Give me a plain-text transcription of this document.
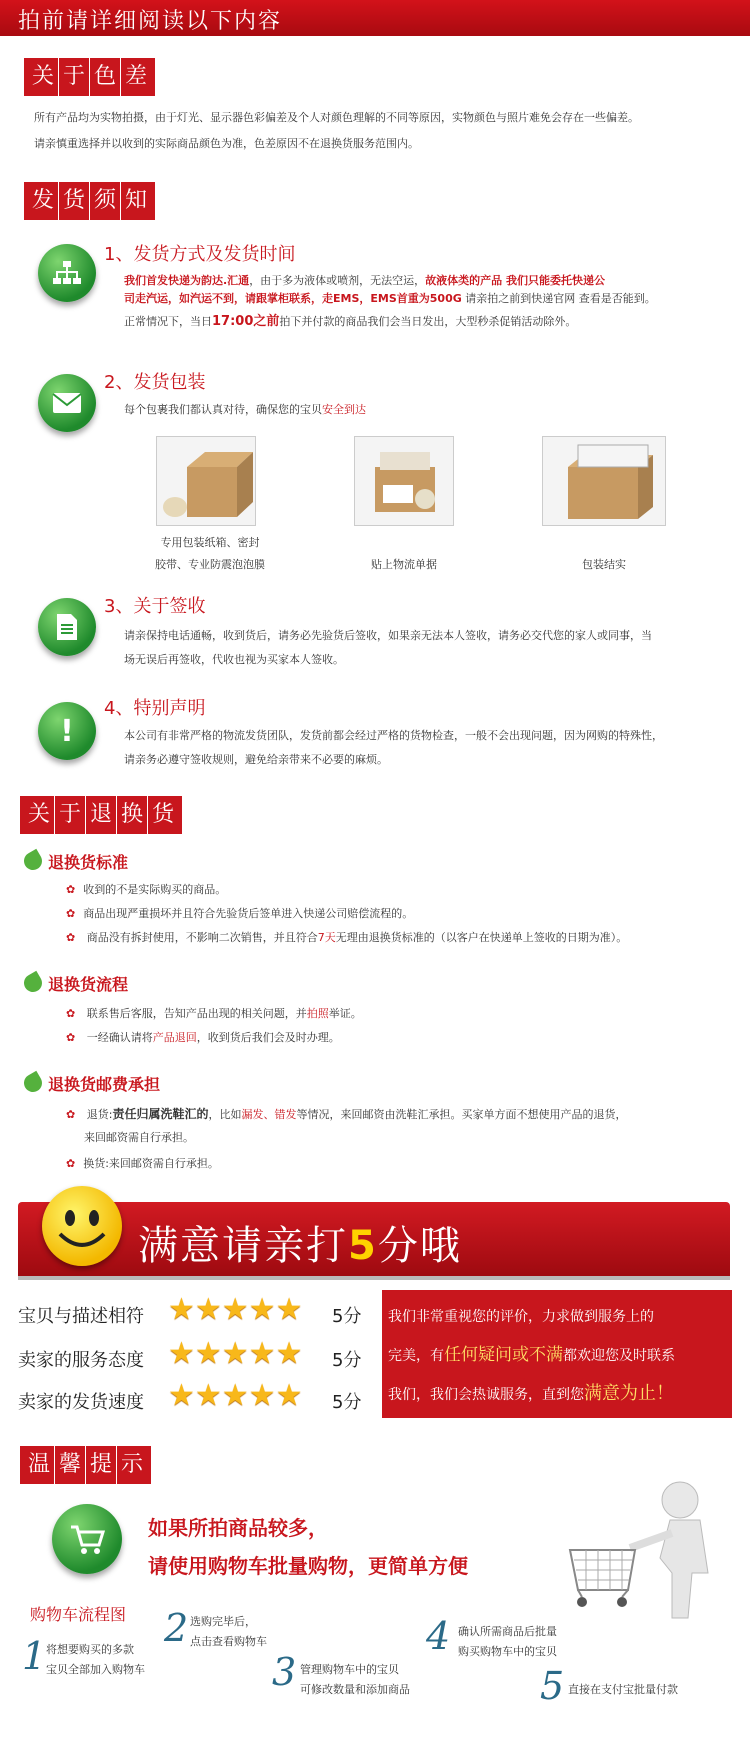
拍前请详细阅读以下内容
关 于 色 差
所有产品均为实物拍摄，由于灯光、显示器色彩偏差及个人对颜色理解的不同等原因，实物颜色与照片难免会存在一些偏差。
请亲慎重选择并以收到的实际商品颜色为准，色差原因不在退换货服务范围内。
发 货 须 知
1、发货方式及发货时间
我们首发快递为韵达.汇通，由于多为液体或喷剂，无法空运，故液体类的产品 我们只能委托快递公
司走汽运，如汽运不到，请跟掌柜联系，走EMS，EMS首重为500G 请亲拍之前到快递官网 查看是否能到。
正常情况下，当日17:00之前拍下并付款的商品我们会当日发出，大型秒杀促销活动除外。
2、发货包装
每个包裹我们都认真对待，确保您的宝贝安全到达
专用包装纸箱、密封
胶带、专业防震泡泡膜	贴上物流单据	包装结实
3、关于签收
请亲保持电话通畅，收到货后，请务必先验货后签收，如果亲无法本人签收，请务必交代您的家人或同事，当
场无误后再签收，代收也视为买家本人签收。
!
4、特别声明
本公司有非常严格的物流发货团队，发货前都会经过严格的货物检查，一般不会出现问题，因为网购的特殊性，
请亲务必遵守签收规则，避免给亲带来不必要的麻烦。
关 于 退 换 货
退换货标准
✿ 收到的不是实际购买的商品。
✿ 商品出现严重损坏并且符合先验货后签单进入快递公司赔偿流程的。
✿ 商品没有拆封使用，不影响二次销售，并且符合7天无理由退换货标准的（以客户在快递单上签收的日期为准）。
退换货流程
✿ 联系售后客服，告知产品出现的相关问题，并拍照举证。
✿ 一经确认请将产品退回，收到货后我们会及时办理。
退换货邮费承担
✿ 退货:责任归属洗鞋汇的，比如漏发、错发等情况，来回邮资由洗鞋汇承担。买家单方面不想使用产品的退货，
来回邮资需自行承担。
✿ 换货:来回邮资需自行承担。
满意请亲打5分哦
宝贝与描述相符 ★★★★★ 5分
卖家的服务态度 ★★★★★ 5分
卖家的发货速度 ★★★★★ 5分
我们非常重视您的评价，力求做到服务上的
完美，有任何疑问或不满都欢迎您及时联系
我们，我们会热诚服务，直到您满意为止！
温 馨 提 示
如果所拍商品较多，
请使用购物车批量购物，更简单方便
购物车流程图
1 将想要购买的多款
宝贝全部加入购物车
2 选购完毕后，
点击查看购物车
3 管理购物车中的宝贝
可修改数量和添加商品
4 确认所需商品后批量
购买购物车中的宝贝
5 直接在支付宝批量付款
